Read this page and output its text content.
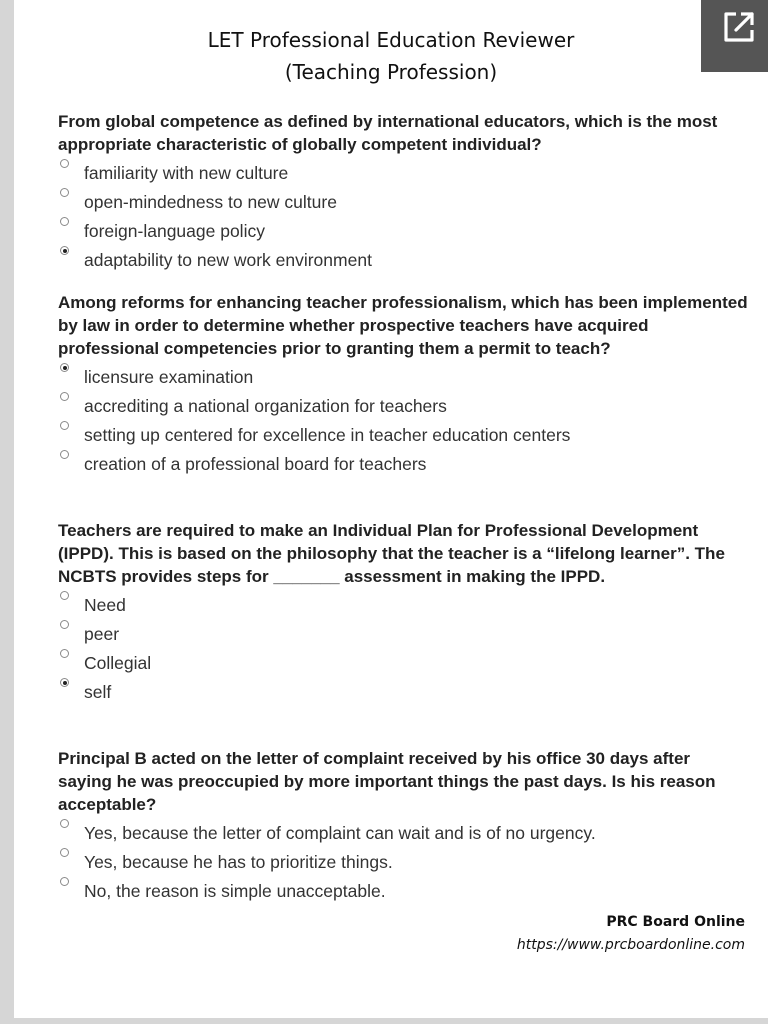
LET Professional Education Reviewer
(Teaching Profession)

From global competence as defined by international educators, which is the most appropriate characteristic of globally competent individual?

familiarity with new culture
open-mindedness to new culture
foreign-language policy
adaptability to new work environment

Among reforms for enhancing teacher professionalism, which has been implemented by law in order to determine whether prospective teachers have acquired professional competencies prior to granting them a permit to teach?

licensure examination
accrediting a national organization for teachers
setting up centered for excellence in teacher education centers
creation of a professional board for teachers

Teachers are required to make an Individual Plan for Professional Development (IPPD). This is based on the philosophy that the teacher is a “lifelong learner”. The NCBTS provides steps for _______ assessment in making the IPPD.

Need
peer
Collegial
self

Principal B acted on the letter of complaint received by his office 30 days after saying he was preoccupied by more important things the past days. Is his reason acceptable?

Yes, because the letter of complaint can wait and is of no urgency.
Yes, because he has to prioritize things.
No, the reason is simple unacceptable.
PRC Board Online
https://www.prcboardonline.com
